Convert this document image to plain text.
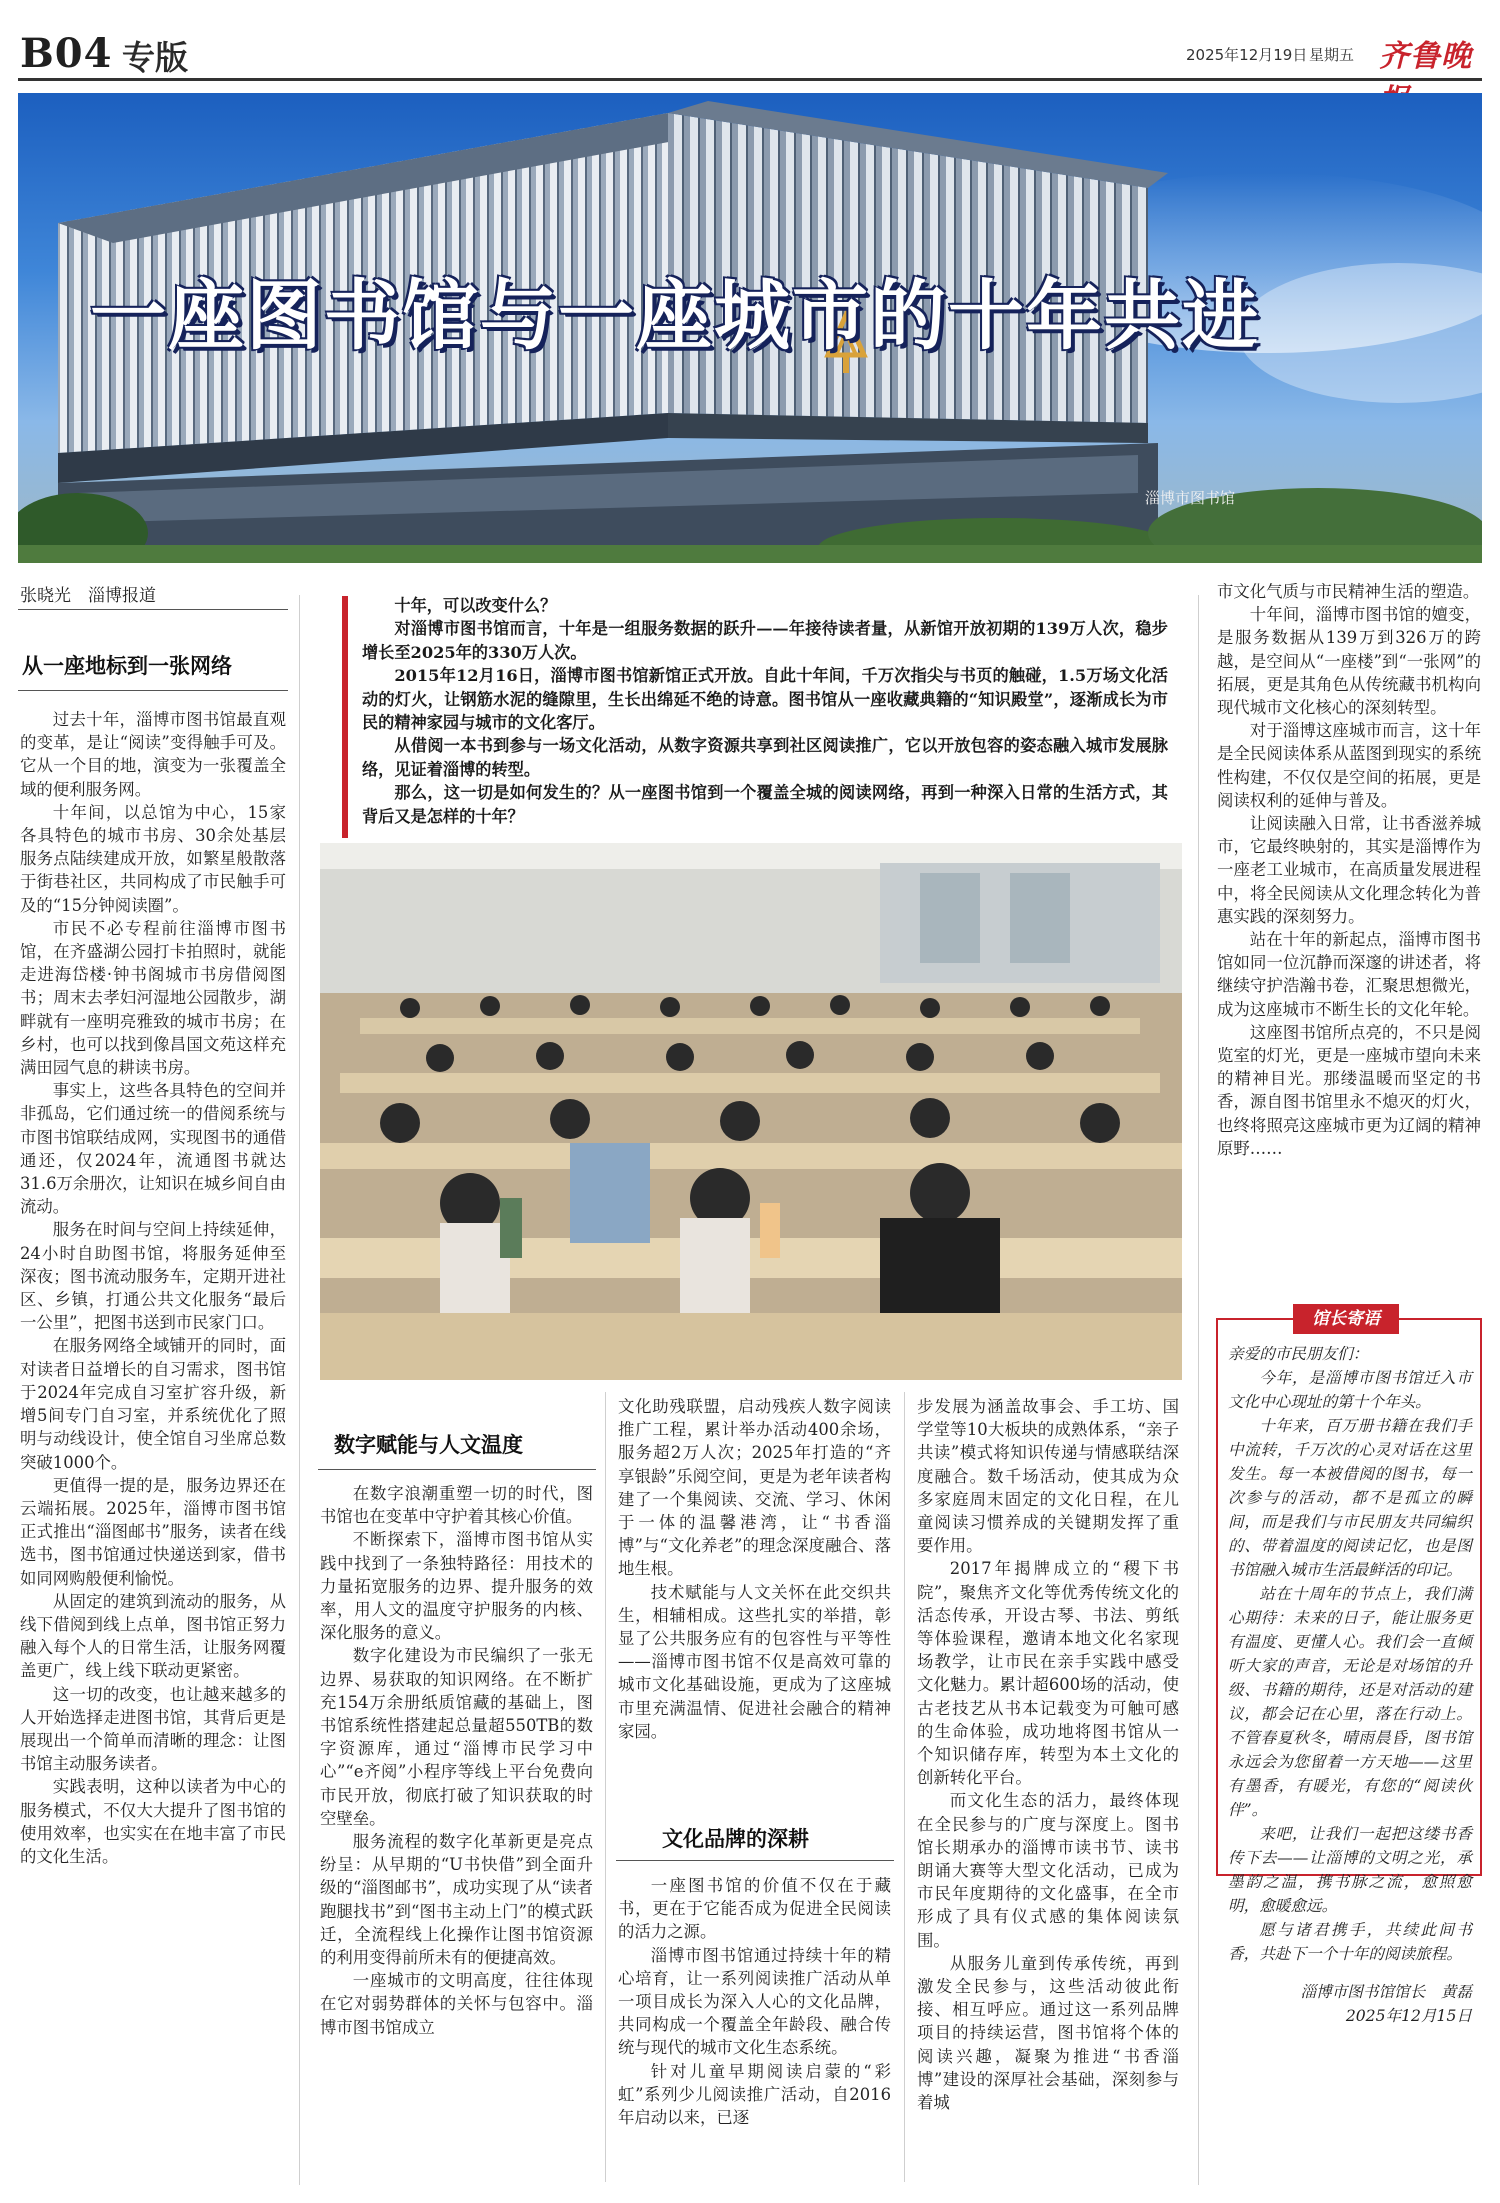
B04 专版	2025年12月19日 星期五 齐鲁晚
一座图书馆与一座城市的十年共进
淄博市图书馆
张晓光　淄博报道	十年，可以改变什么？

对淄博市图书馆而言，十年是一组服务数据的跃升——年接待读者量，从新馆开放初期的139万人次，稳步增长至2025年的330万人次。

2015年12月16日，淄博市图书馆新馆正式开放。自此十年间，千万次指尖与书页的触碰，1.5万场文化活动的灯火，让钢筋水泥的缝隙里，生长出绵延不绝的诗意。图书馆从一座收藏典籍的“知识殿堂”，逐渐成长为市民的精神家园与城市的文化客厅。

从借阅一本书到参与一场文化活动，从数字资源共享到社区阅读推广，它以开放包容的姿态融入城市发展脉络，见证着淄博的转型。

那么，这一切是如何发生的？从一座图书馆到一个覆盖全城的阅读网络，再到一种深入日常的生活方式，其背后又是怎样的十年？

从一座地标到一张网络

过去十年，淄博市图书馆最直观的变革，是让“阅读”变得触手可及。它从一个目的地，演变为一张覆盖全域的便利服务网。

十年间，以总馆为中心，15家各具特色的城市书房、30余处基层服务点陆续建成开放，如繁星般散落于街巷社区，共同构成了市民触手可及的“15分钟阅读圈”。

市民不必专程前往淄博市图书馆，在齐盛湖公园打卡拍照时，就能走进海岱楼·钟书阁城市书房借阅图书；周末去孝妇河湿地公园散步，湖畔就有一座明亮雅致的城市书房；在乡村，也可以找到像昌国文苑这样充满田园气息的耕读书房。

事实上，这些各具特色的空间并非孤岛，它们通过统一的借阅系统与市图书馆联结成网，实现图书的通借通还，仅2024年，流通图书就达31.6万余册次，让知识在城乡间自由流动。

服务在时间与空间上持续延伸，24小时自助图书馆，将服务延伸至深夜；图书流动服务车，定期开进社区、乡镇，打通公共文化服务“最后一公里”，把图书送到市民家门口。

在服务网络全域铺开的同时，面对读者日益增长的自习需求，图书馆于2024年完成自习室扩容升级，新增5间专门自习室，并系统优化了照明与动线设计，使全馆自习坐席总数突破1000个。

更值得一提的是，服务边界还在云端拓展。2025年，淄博市图书馆正式推出“淄图邮书”服务，读者在线选书，图书馆通过快递送到家，借书如同网购般便利愉悦。

从固定的建筑到流动的服务，从线下借阅到线上点单，图书馆正努力融入每个人的日常生活，让服务网覆盖更广，线上线下联动更紧密。

这一切的改变，也让越来越多的人开始选择走进图书馆，其背后更是展现出一个简单而清晰的理念：让图书馆主动服务读者。

实践表明，这种以读者为中心的服务模式，不仅大大提升了图书馆的使用效率，也实实在在地丰富了市民的文化生活。

数字赋能与人文温度

在数字浪潮重塑一切的时代，图书馆也在变革中守护着其核心价值。

不断探索下，淄博市图书馆从实践中找到了一条独特路径：用技术的力量拓宽服务的边界、提升服务的效率，用人文的温度守护服务的内核、深化服务的意义。

数字化建设为市民编织了一张无边界、易获取的知识网络。在不断扩充154万余册纸质馆藏的基础上，图书馆系统性搭建起总量超550TB的数字资源库，通过“淄博市民学习中心”“e齐阅”小程序等线上平台免费向市民开放，彻底打破了知识获取的时空壁垒。

服务流程的数字化革新更是亮点纷呈：从早期的“U书快借”到全面升级的“淄图邮书”，成功实现了从“读者跑腿找书”到“图书主动上门”的模式跃迁，全流程线上化操作让图书馆资源的利用变得前所未有的便捷高效。

一座城市的文明高度，往往体现在它对弱势群体的关怀与包容中。淄博市图书馆成立

文化助残联盟，启动残疾人数字阅读推广工程，累计举办活动400余场，服务超2万人次；2025年打造的“齐享银龄”乐阅空间，更是为老年读者构建了一个集阅读、交流、学习、休闲于一体的温馨港湾，让“书香淄博”与“文化养老”的理念深度融合、落地生根。

技术赋能与人文关怀在此交织共生，相辅相成。这些扎实的举措，彰显了公共服务应有的包容性与平等性——淄博市图书馆不仅是高效可靠的城市文化基础设施，更成为了这座城市里充满温情、促进社会融合的精神家园。

文化品牌的深耕

一座图书馆的价值不仅在于藏书，更在于它能否成为促进全民阅读的活力之源。

淄博市图书馆通过持续十年的精心培育，让一系列阅读推广活动从单一项目成长为深入人心的文化品牌，共同构成一个覆盖全年龄段、融合传统与现代的城市文化生态系统。

针对儿童早期阅读启蒙的“彩虹”系列少儿阅读推广活动，自2016年启动以来，已逐

步发展为涵盖故事会、手工坊、国学堂等10大板块的成熟体系，“亲子共读”模式将知识传递与情感联结深度融合。数千场活动，使其成为众多家庭周末固定的文化日程，在儿童阅读习惯养成的关键期发挥了重要作用。

2017年揭牌成立的“稷下书院”，聚焦齐文化等优秀传统文化的活态传承，开设古琴、书法、剪纸等体验课程，邀请本地文化名家现场教学，让市民在亲手实践中感受文化魅力。累计超600场的活动，使古老技艺从书本记载变为可触可感的生命体验，成功地将图书馆从一个知识储存库，转型为本土文化的创新转化平台。

而文化生态的活力，最终体现在全民参与的广度与深度上。图书馆长期承办的淄博市读书节、读书朗诵大赛等大型文化活动，已成为市民年度期待的文化盛事，在全市形成了具有仪式感的集体阅读氛围。

从服务儿童到传承传统，再到激发全民参与，这些活动彼此衔接、相互呼应。通过这一系列品牌项目的持续运营，图书馆将个体的阅读兴趣，凝聚为推进“书香淄博”建设的深厚社会基础，深刻参与着城

市文化气质与市民精神生活的塑造。

十年间，淄博市图书馆的嬗变，是服务数据从139万到326万的跨越，是空间从“一座楼”到“一张网”的拓展，更是其角色从传统藏书机构向现代城市文化核心的深刻转型。

对于淄博这座城市而言，这十年是全民阅读体系从蓝图到现实的系统性构建，不仅仅是空间的拓展，更是阅读权利的延伸与普及。

让阅读融入日常，让书香滋养城市，它最终映射的，其实是淄博作为一座老工业城市，在高质量发展进程中，将全民阅读从文化理念转化为普惠实践的深刻努力。

站在十年的新起点，淄博市图书馆如同一位沉静而深邃的讲述者，将继续守护浩瀚书卷，汇聚思想微光，成为这座城市不断生长的文化年轮。

这座图书馆所点亮的，不只是阅览室的灯光，更是一座城市望向未来的精神目光。那缕温暖而坚定的书香，源自图书馆里永不熄灭的灯火，也终将照亮这座城市更为辽阔的精神原野……

馆长寄语

亲爱的市民朋友们：

今年，是淄博市图书馆迁入市文化中心现址的第十个年头。

十年来，百万册书籍在我们手中流转，千万次的心灵对话在这里发生。每一本被借阅的图书，每一次参与的活动，都不是孤立的瞬间，而是我们与市民朋友共同编织的、带着温度的阅读记忆，也是图书馆融入城市生活最鲜活的印记。

站在十周年的节点上，我们满心期待：未来的日子，能让服务更有温度、更懂人心。我们会一直倾听大家的声音，无论是对场馆的升级、书籍的期待，还是对活动的建议，都会记在心里，落在行动上。不管春夏秋冬，晴雨晨昏，图书馆永远会为您留着一方天地——这里有墨香，有暖光，有您的“阅读伙伴”。

来吧，让我们一起把这缕书香传下去——让淄博的文明之光，承墨韵之温，携书脉之流，愈照愈明，愈暖愈远。

愿与诸君携手，共续此间书香，共赴下一个十年的阅读旅程。

淄博市图书馆馆长　黄磊

2025年12月15日
